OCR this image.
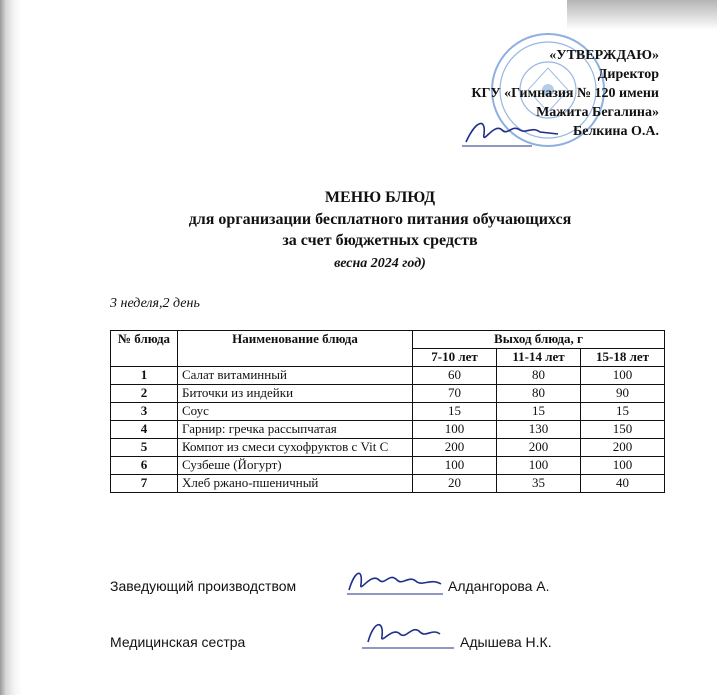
«УТВЕРЖДАЮ»
Директор
КГУ «Гимназия № 120 имени
Мажита Бегалина»
Белкина О.А.
МЕНЮ БЛЮД
для организации бесплатного питания обучающихся
за счет бюджетных средств
весна 2024 год)
3 неделя,2 день
№ блюда	Наименование блюда	Выход блюда, г		
		7-10 лет	11-14 лет	15-18 лет
1	Салат витаминный	60	80	100
2	Биточки из индейки	70	80	90
3	Соус	15	15	15
4	Гарнир: гречка рассыпчатая	100	130	150
5	Компот из смеси сухофруктов с Vit C	200	200	200
6	Сузбеше (Йогурт)	100	100	100
7	Хлеб ржано-пшеничный	20	35	40
Заведующий производством	Алдангорова А.
Медицинская сестра	Адышева Н.К.
